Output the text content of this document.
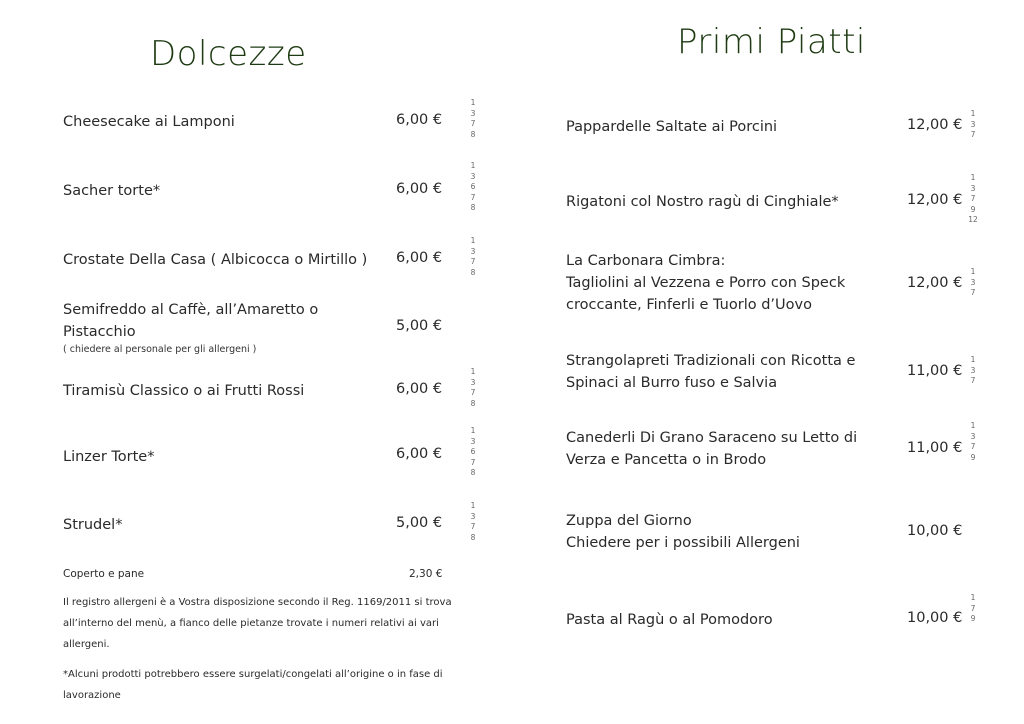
Dolcezze
Cheesecake ai Lamponi	6,00 €
1
3
7
8
Sacher torte*	6,00 €
1
3
6
7
8
Crostate Della Casa ( Albicocca o Mirtillo ) 6,00 €
1
3
7
8
Semifreddo al Caffè, all’Amaretto o
Pistacchio
( chiedere al personale per gli allergeni )
5,00 €
Tiramisù Classico o ai Frutti Rossi	6,00 €
1
3
7
8
Linzer Torte*	6,00 €
1
3
6
7
8
Strudel*	5,00 €
1
3
7
8
Coperto e pane	2,30 €
Il registro allergeni è a Vostra disposizione secondo il Reg. 1169/2011 si trova all’interno del menù, a fianco delle pietanze trovate i numeri relativi ai vari allergeni.
*Alcuni prodotti potrebbero essere surgelati/congelati all’origine o in fase di lavorazione
Primi Piatti
Pappardelle Saltate ai Porcini	12,00 €
1
3
7
Rigatoni col Nostro ragù di Cinghiale*	12,00 €
1
3
7
9
12
La Carbonara Cimbra:
Tagliolini al Vezzena e Porro con Speck
croccante, Finferli e Tuorlo d’Uovo
12,00 €
1
3
7
Strangolapreti Tradizionali con Ricotta e
Spinaci al Burro fuso e Salvia
11,00 €
1
3
7
Canederli Di Grano Saraceno su Letto di
Verza e Pancetta o in Brodo
11,00 €
1
3
7
9
Zuppa del Giorno
Chiedere per i possibili Allergeni
10,00 €
Pasta al Ragù o al Pomodoro	10,00 €
1
7
9
